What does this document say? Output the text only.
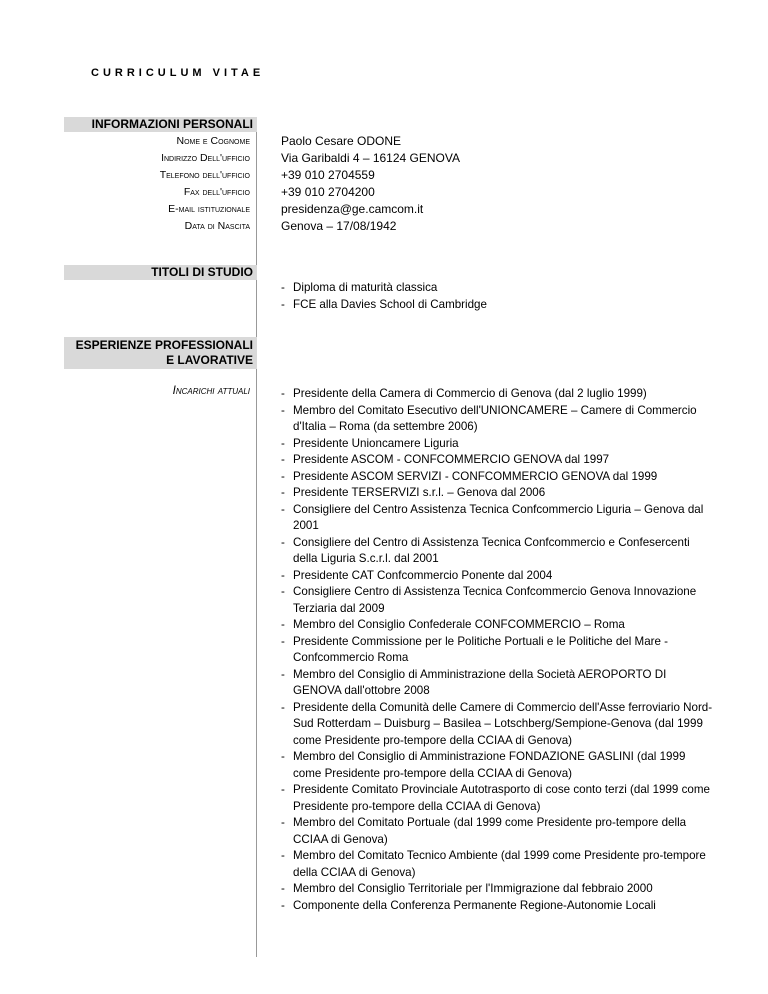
CURRICULUM VITAE
INFORMAZIONI PERSONALI
Nome e Cognome
Indirizzo Dell'ufficio
Telefono dell'ufficio
Fax dell'ufficio
E-mail istituzionale
Data di Nascita
Paolo Cesare ODONE
Via Garibaldi 4 – 16124 GENOVA
+39 010 2704559
+39 010 2704200
presidenza@ge.camcom.it
Genova – 17/08/1942
TITOLI DI STUDIO
- Diploma di maturità classica
- FCE alla Davies School di Cambridge
ESPERIENZE PROFESSIONALI
E LAVORATIVE
Incarichi attuali
-	Presidente della Camera di Commercio di Genova (dal 2 luglio 1999)
- Membro del Comitato Esecutivo dell'UNIONCAMERE – Camere di Commercio d'Italia – Roma (da settembre 2006)
- Presidente Unioncamere Liguria
- Presidente ASCOM - CONFCOMMERCIO GENOVA dal 1997
- Presidente ASCOM SERVIZI - CONFCOMMERCIO GENOVA dal 1999
- Presidente TERSERVIZI s.r.l. – Genova dal 2006
- Consigliere del Centro Assistenza Tecnica Confcommercio Liguria – Genova dal 2001
- Consigliere del Centro di Assistenza Tecnica Confcommercio e Confesercenti della Liguria S.c.r.l. dal 2001
- Presidente CAT Confcommercio Ponente dal 2004
- Consigliere Centro di Assistenza Tecnica Confcommercio Genova Innovazione Terziaria dal 2009
- Membro del Consiglio Confederale CONFCOMMERCIO – Roma
- Presidente Commissione per le Politiche Portuali e le Politiche del Mare - Confcommercio Roma
- Membro del Consiglio di Amministrazione della Società AEROPORTO DI GENOVA dall'ottobre 2008
- Presidente della Comunità delle Camere di Commercio dell'Asse ferroviario Nord-Sud Rotterdam – Duisburg – Basilea – Lotschberg/Sempione-Genova (dal 1999 come Presidente pro-tempore della CCIAA di Genova)
- Membro del Consiglio di Amministrazione FONDAZIONE GASLINI (dal 1999 come Presidente pro-tempore della CCIAA di Genova)
- Presidente Comitato Provinciale Autotrasporto di cose conto terzi (dal 1999 come Presidente pro-tempore della CCIAA di Genova)
- Membro del Comitato Portuale (dal 1999 come Presidente pro-tempore della CCIAA di Genova)
- Membro del Comitato Tecnico Ambiente (dal 1999 come Presidente pro-tempore della CCIAA di Genova)
- Membro del Consiglio Territoriale per l'Immigrazione dal febbraio 2000
- Componente della Conferenza Permanente Regione-Autonomie Locali
